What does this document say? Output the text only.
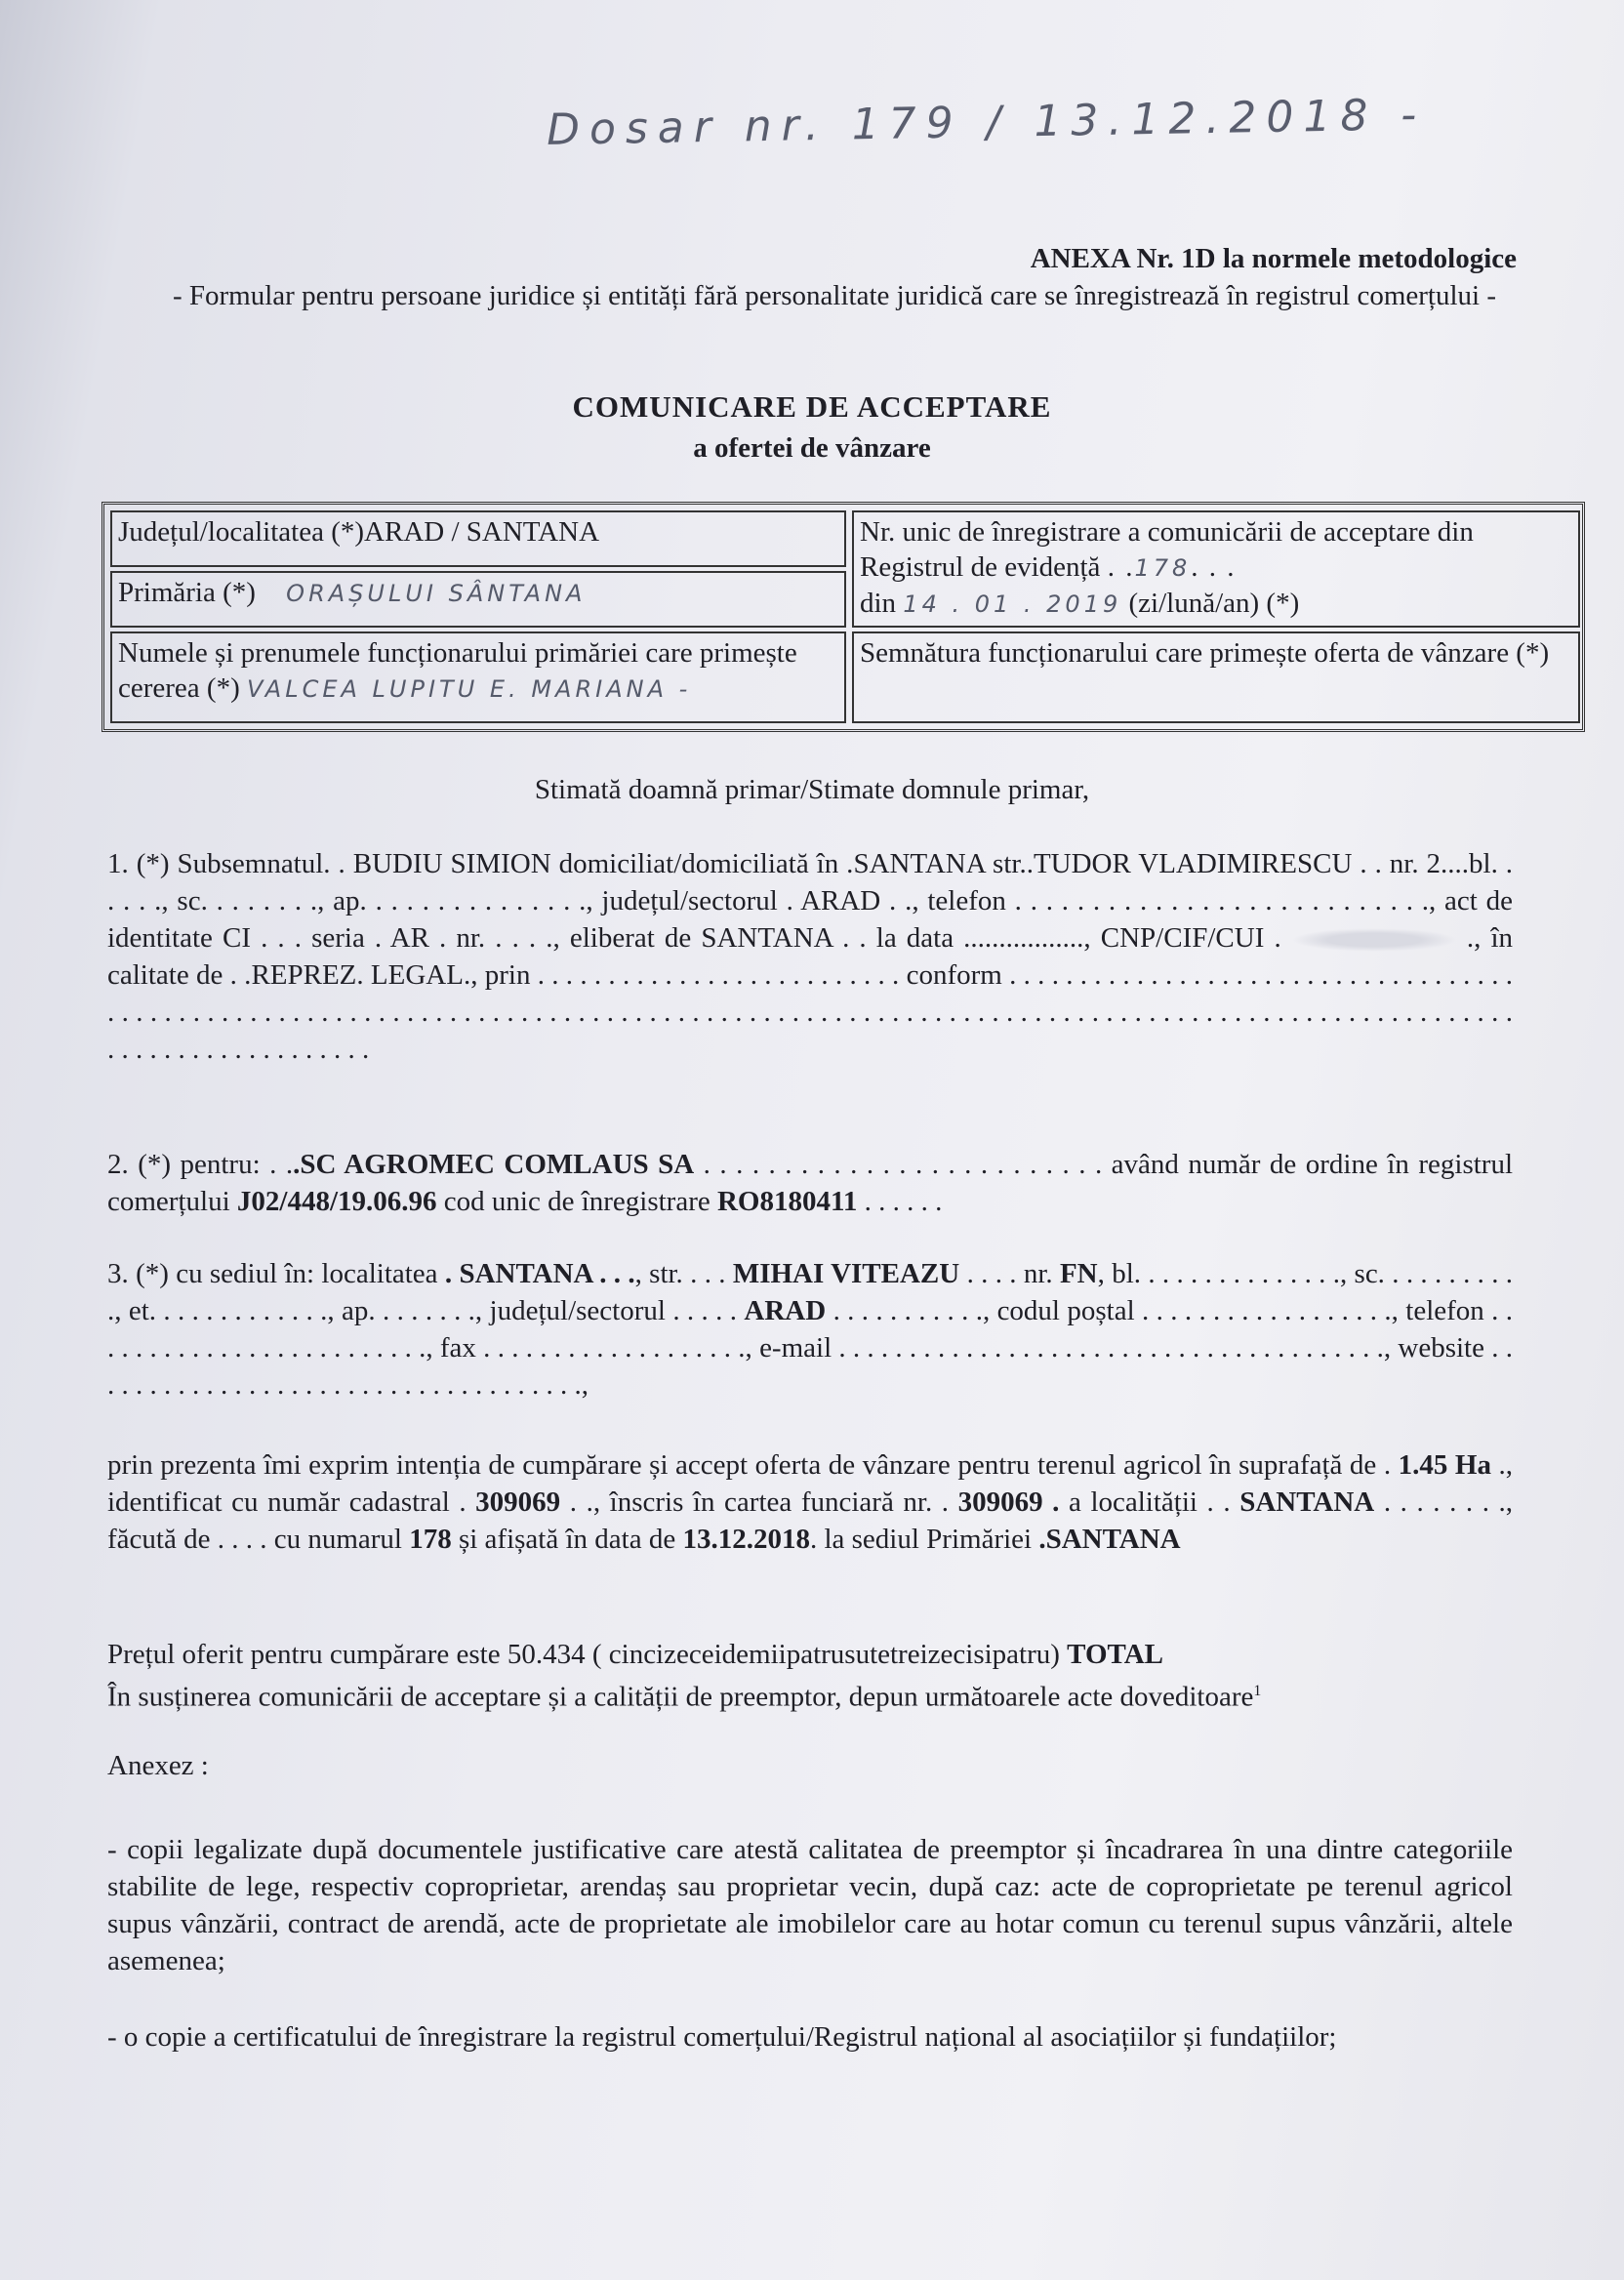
Dosar nr. 179 / 13.12.2018 -
ANEXA Nr. 1D la normele metodologice
- Formular pentru persoane juridice și entități fără personalitate juridică care se înregistrează în registrul comerțului -
COMUNICARE DE ACCEPTARE
a ofertei de vânzare
Județul/localitatea (*)ARAD / SANTANA
Primăria (*) ORAȘULUI SÂNTANA
Numele și prenumele funcționarului primăriei care primește cererea (*) VALCEA LUPITU E. MARIANA -
Nr. unic de înregistrare a comunicării de acceptare din Registrul de evidență . .178. . .
din 14 . 01 . 2019 (zi/lună/an) (*)
Semnătura funcționarului care primește oferta de vânzare (*)
Stimată doamnă primar/Stimate domnule primar,
1. (*) Subsemnatul. . BUDIU SIMION domiciliat/domiciliată în .SANTANA str..TUDOR VLADIMIRESCU . . nr. 2....bl. . . . . ., sc. . . . . . . ., ap. . . . . . . . . . . . . . ., județul/sectorul . ARAD . ., telefon . . . . . . . . . . . . . . . . . . . . . . . . . . ., act de identitate CI . . . seria . AR . nr. . . . ., eliberat de SANTANA . . la data ................., CNP/CIF/CUI .	., în calitate de . .REPREZ. LEGAL., prin . . . . . . . . . . . . . . . . . . . . . . . . . . conform . . . . . . . . . . . . . . . . . . . . . . . . . . . . . . . . . . . . . . . . . . . . . . . . . . . . . . . . . . . . . . . . . . . . . . . . . . . . . . . . . . . . . . . . . . . . . . . . . . . . . . . . . . . . . . . . . . . . . . . . . . . . . . . . . . . . . . . . . . . . . . . . . . . . . . . . . .
2. (*) pentru: . ..SC AGROMEC COMLAUS SA . . . . . . . . . . . . . . . . . . . . . . . . . având număr de ordine în registrul comerțului J02/448/19.06.96 cod unic de înregistrare RO8180411 . . . . . .
3. (*) cu sediul în: localitatea . SANTANA . . ., str. . . . MIHAI VITEAZU . . . . nr. FN, bl. . . . . . . . . . . . . . ., sc. . . . . . . . . . ., et. . . . . . . . . . . . ., ap. . . . . . . ., județul/sectorul . . . . . ARAD . . . . . . . . . . ., codul poștal . . . . . . . . . . . . . . . . . ., telefon . . . . . . . . . . . . . . . . . . . . . . . . ., fax . . . . . . . . . . . . . . . . . . ., e-mail . . . . . . . . . . . . . . . . . . . . . . . . . . . . . . . . . . . . . . ., website . . . . . . . . . . . . . . . . . . . . . . . . . . . . . . . . . . . .,
prin prezenta îmi exprim intenția de cumpărare și accept oferta de vânzare pentru terenul agricol în suprafață de . 1.45 Ha ., identificat cu număr cadastral . 309069 . ., înscris în cartea funciară nr. . 309069 . a localității . . SANTANA . . . . . . . ., făcută de . . . . cu numarul 178 și afișată în data de 13.12.2018. la sediul Primăriei .SANTANA
Prețul oferit pentru cumpărare este 50.434 ( cincizeceidemiipatrusutetreizecisipatru) TOTAL
În susținerea comunicării de acceptare și a calității de preemptor, depun următoarele acte doveditoare$^1$
Anexez :
- copii legalizate după documentele justificative care atestă calitatea de preemptor și încadrarea în una dintre categoriile stabilite de lege, respectiv coproprietar, arendaș sau proprietar vecin, după caz: acte de coproprietate pe terenul agricol supus vânzării, contract de arendă, acte de proprietate ale imobilelor care au hotar comun cu terenul supus vânzării, altele asemenea;
- o copie a certificatului de înregistrare la registrul comerțului/Registrul național al asociațiilor și fundațiilor;
